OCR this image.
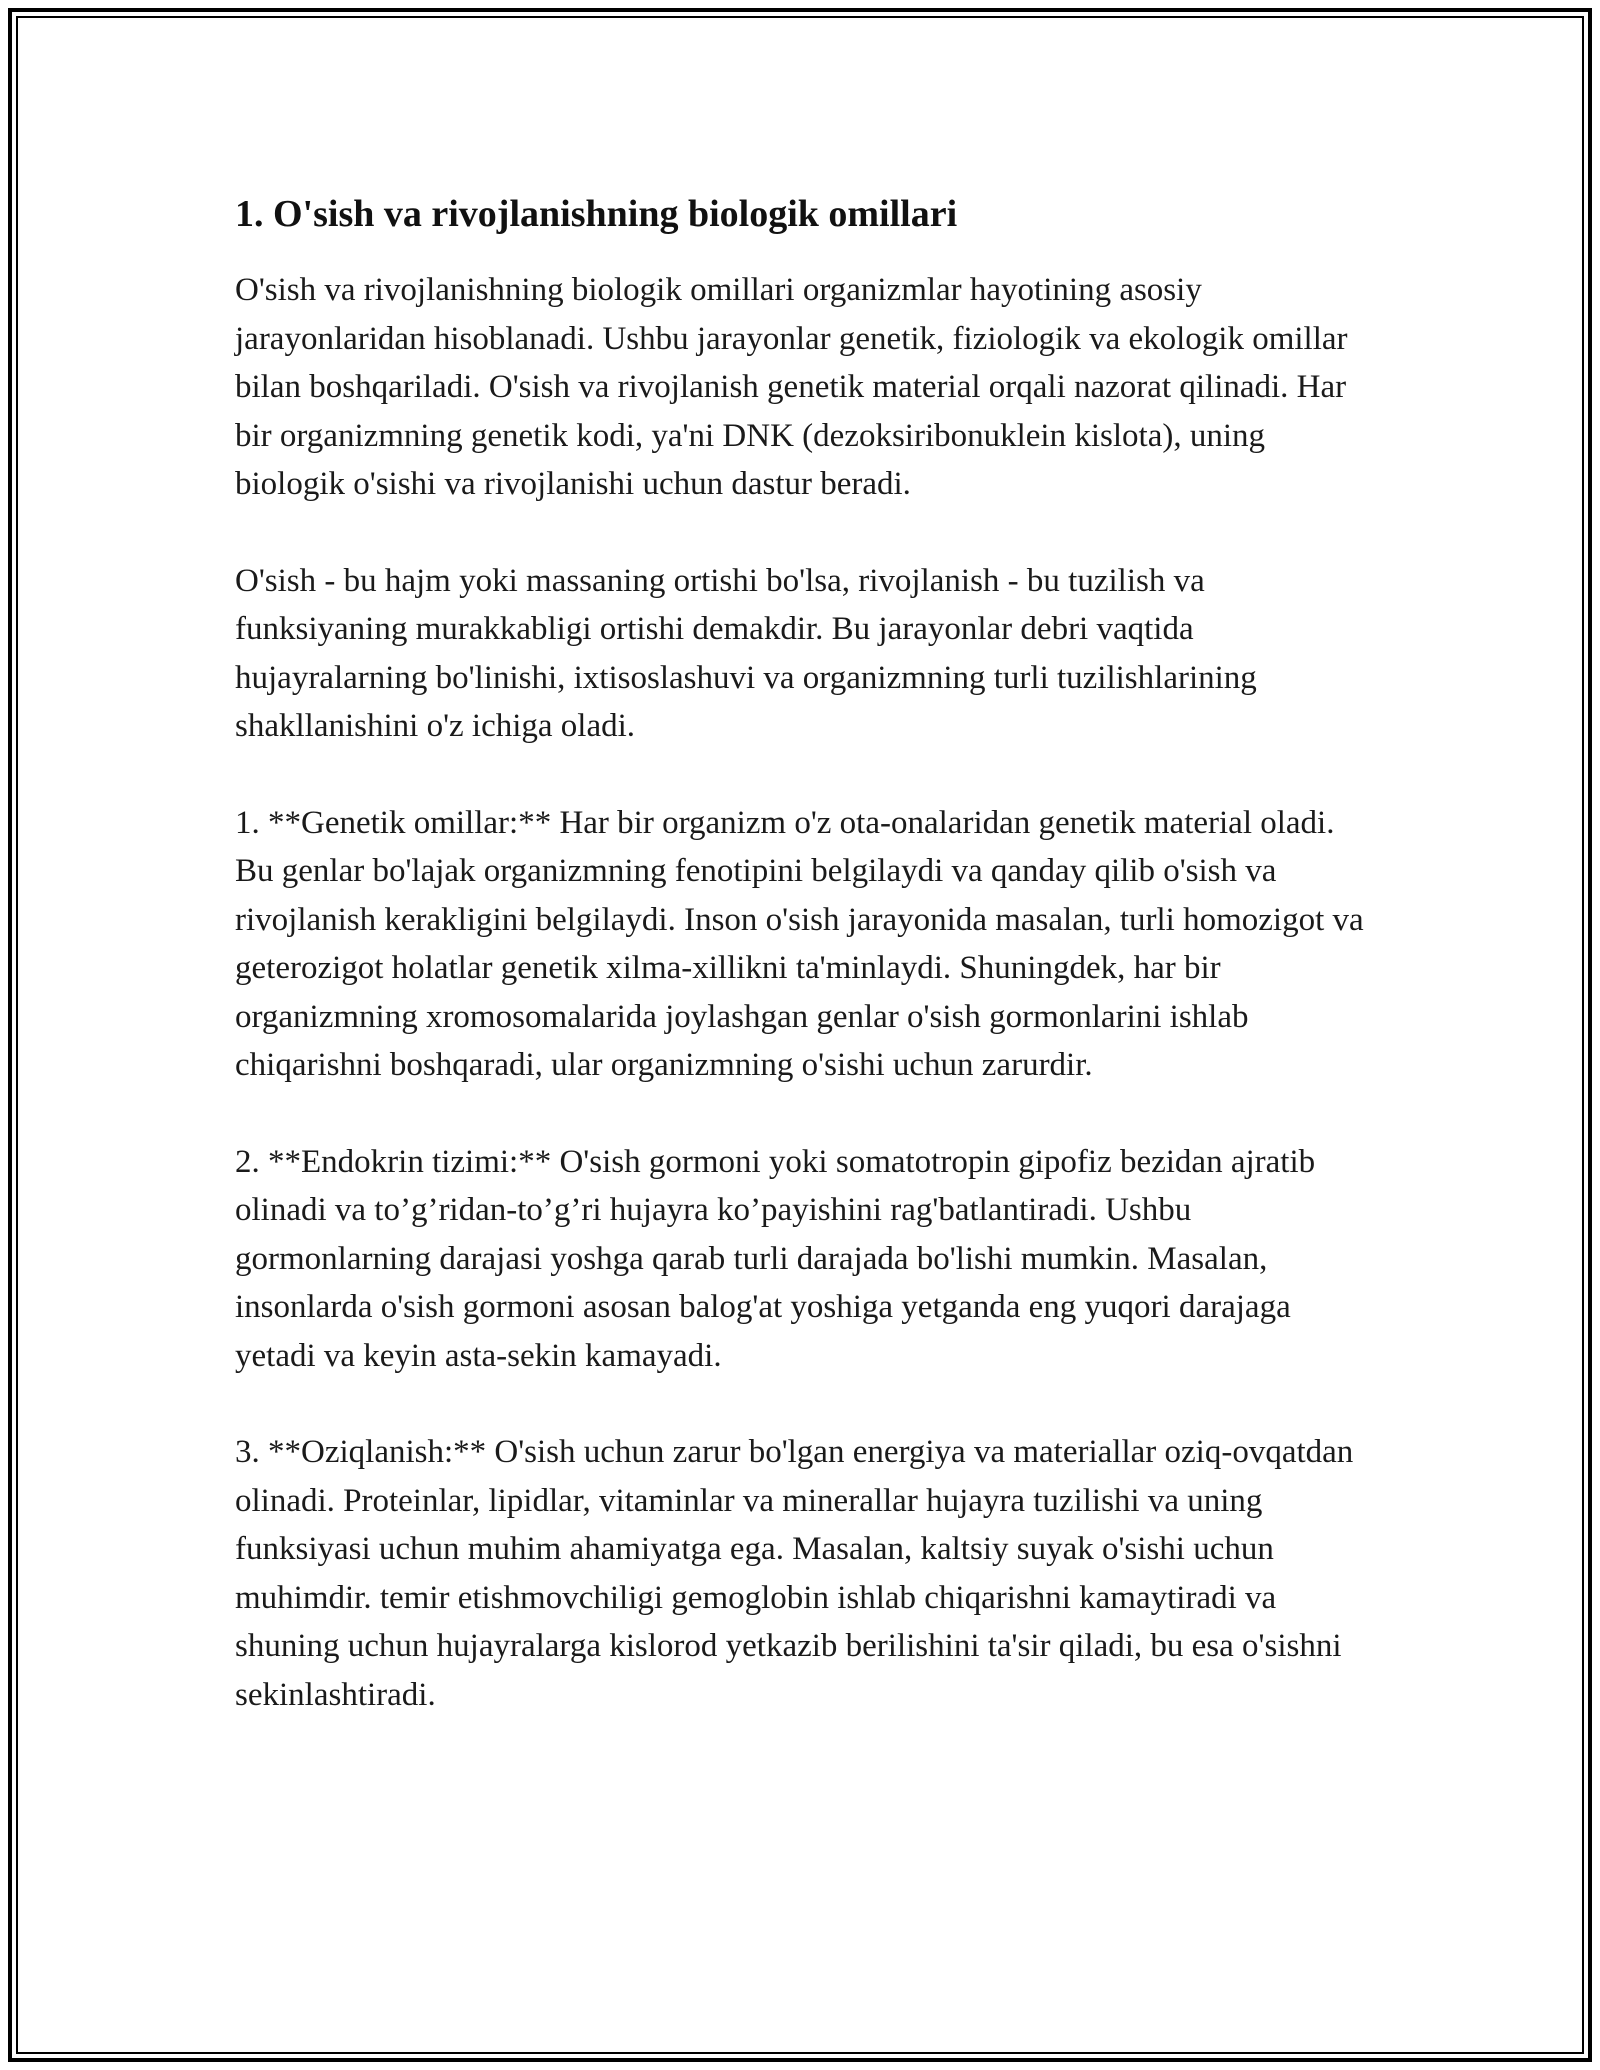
1. O'sish va rivojlanishning biologik omillari

O'sish va rivojlanishning biologik omillari organizmlar hayotining asosiy jarayonlaridan hisoblanadi. Ushbu jarayonlar genetik, fiziologik va ekologik omillar bilan boshqariladi. O'sish va rivojlanish genetik material orqali nazorat qilinadi. Har bir organizmning genetik kodi, ya'ni DNK (dezoksiribonuklein kislota), uning biologik o'sishi va rivojlanishi uchun dastur beradi.

O'sish - bu hajm yoki massaning ortishi bo'lsa, rivojlanish - bu tuzilish va funksiyaning murakkabligi ortishi demakdir. Bu jarayonlar debri vaqtida hujayralarning bo'linishi, ixtisoslashuvi va organizmning turli tuzilishlarining shakllanishini o'z ichiga oladi.

1. **Genetik omillar:** Har bir organizm o'z ota-onalaridan genetik material oladi. Bu genlar bo'lajak organizmning fenotipini belgilaydi va qanday qilib o'sish va rivojlanish kerakligini belgilaydi. Inson o'sish jarayonida masalan, turli homozigot va geterozigot holatlar genetik xilma-xillikni ta'minlaydi. Shuningdek, har bir organizmning xromosomalarida joylashgan genlar o'sish gormonlarini ishlab chiqarishni boshqaradi, ular organizmning o'sishi uchun zarurdir.

2. **Endokrin tizimi:** O'sish gormoni yoki somatotropin gipofiz bezidan ajratib olinadi va to’g’ridan-to’g’ri hujayra ko’payishini rag'batlantiradi. Ushbu gormonlarning darajasi yoshga qarab turli darajada bo'lishi mumkin. Masalan, insonlarda o'sish gormoni asosan balog'at yoshiga yetganda eng yuqori darajaga yetadi va keyin asta-sekin kamayadi.

3. **Oziqlanish:** O'sish uchun zarur bo'lgan energiya va materiallar oziq-ovqatdan olinadi. Proteinlar, lipidlar, vitaminlar va minerallar hujayra tuzilishi va uning funksiyasi uchun muhim ahamiyatga ega. Masalan, kaltsiy suyak o'sishi uchun muhimdir. temir etishmovchiligi gemoglobin ishlab chiqarishni kamaytiradi va shuning uchun hujayralarga kislorod yetkazib berilishini ta'sir qiladi, bu esa o'sishni sekinlashtiradi.
